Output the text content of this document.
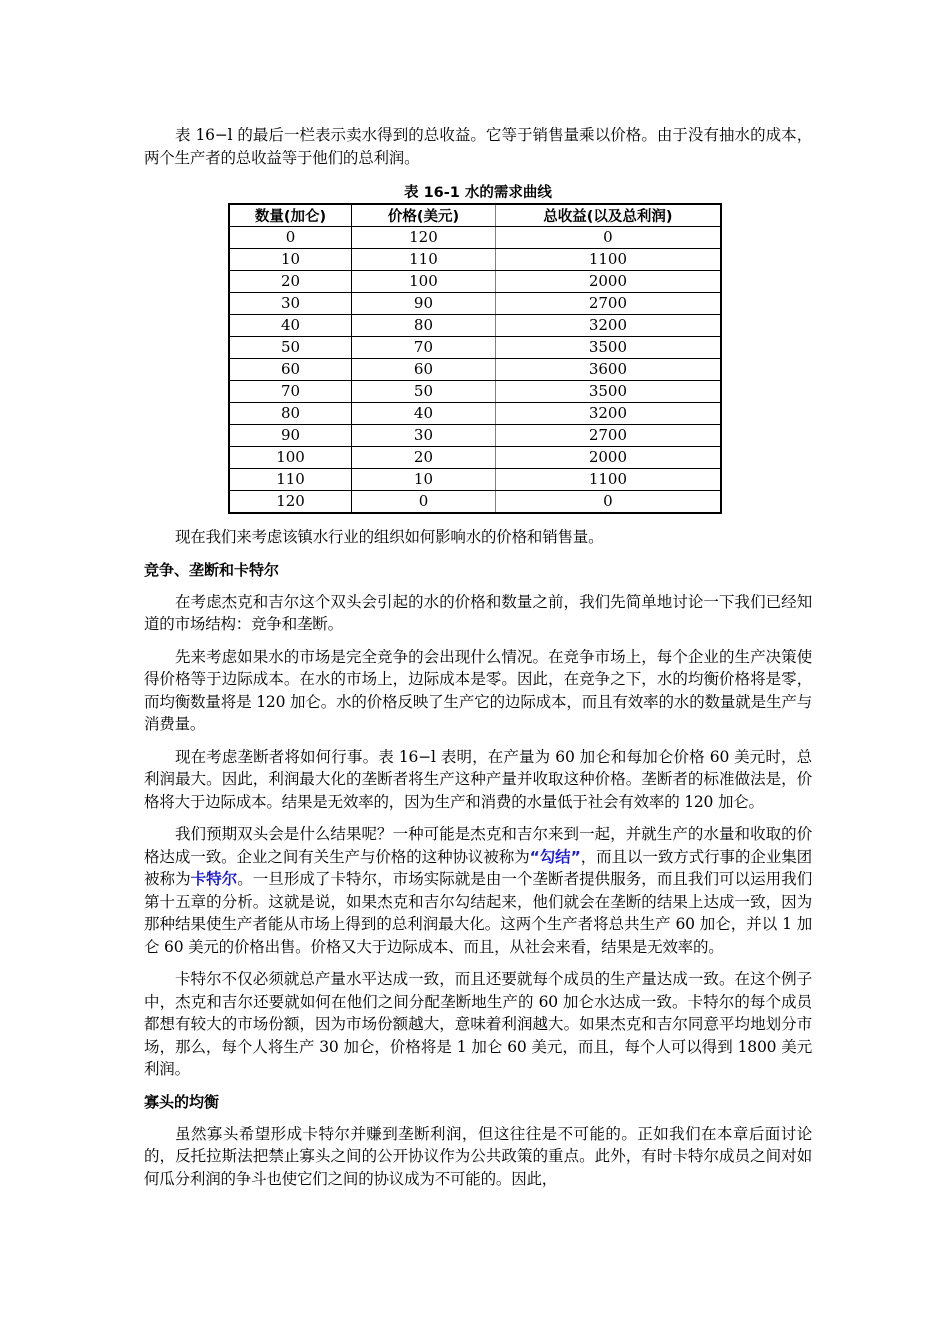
表 16−l 的最后一栏表示卖水得到的总收益。它等于销售量乘以价格。由于没有抽水的成本，两个生产者的总收益等于他们的总利润。

表 16-1 水的需求曲线

数量(加仑)	价格(美元)	总收益(以及总利润)
0	120	0
10	110	1100
20	100	2000
30	90	2700
40	80	3200
50	70	3500
60	60	3600
70	50	3500
80	40	3200
90	30	2700
100	20	2000
110	10	1100
120	0	0

现在我们来考虑该镇水行业的组织如何影响水的价格和销售量。

竞争、垄断和卡特尔

在考虑杰克和吉尔这个双头会引起的水的价格和数量之前，我们先简单地讨论一下我们已经知道的市场结构：竞争和垄断。

先来考虑如果水的市场是完全竞争的会出现什么情况。在竞争市场上，每个企业的生产决策使得价格等于边际成本。在水的市场上，边际成本是零。因此，在竞争之下，水的均衡价格将是零，而均衡数量将是 120 加仑。水的价格反映了生产它的边际成本，而且有效率的水的数量就是生产与消费量。

现在考虑垄断者将如何行事。表 16−l 表明，在产量为 60 加仑和每加仑价格 60 美元时，总利润最大。因此，利润最大化的垄断者将生产这种产量并收取这种价格。垄断者的标准做法是，价格将大于边际成本。结果是无效率的，因为生产和消费的水量低于社会有效率的 120 加仑。

我们预期双头会是什么结果呢？一种可能是杰克和吉尔来到一起，并就生产的水量和收取的价格达成一致。企业之间有关生产与价格的这种协议被称为“勾结”，而且以一致方式行事的企业集团被称为卡特尔。一旦形成了卡特尔，市场实际就是由一个垄断者提供服务，而且我们可以运用我们第十五章的分析。这就是说，如果杰克和吉尔勾结起来，他们就会在垄断的结果上达成一致，因为那种结果使生产者能从市场上得到的总利润最大化。这两个生产者将总共生产 60 加仑，并以 1 加仑 60 美元的价格出售。价格又大于边际成本、而且，从社会来看，结果是无效率的。

卡特尔不仅必须就总产量水平达成一致，而且还要就每个成员的生产量达成一致。在这个例子中，杰克和吉尔还要就如何在他们之间分配垄断地生产的 60 加仑水达成一致。卡特尔的每个成员都想有较大的市场份额，因为市场份额越大，意味着利润越大。如果杰克和吉尔同意平均地划分市场，那么，每个人将生产 30 加仑，价格将是 1 加仑 60 美元，而且，每个人可以得到 1800 美元利润。

寡头的均衡

虽然寡头希望形成卡特尔并赚到垄断利润，但这往往是不可能的。正如我们在本章后面讨论的，反托拉斯法把禁止寡头之间的公开协议作为公共政策的重点。此外，有时卡特尔成员之间对如何瓜分利润的争斗也使它们之间的协议成为不可能的。因此，
